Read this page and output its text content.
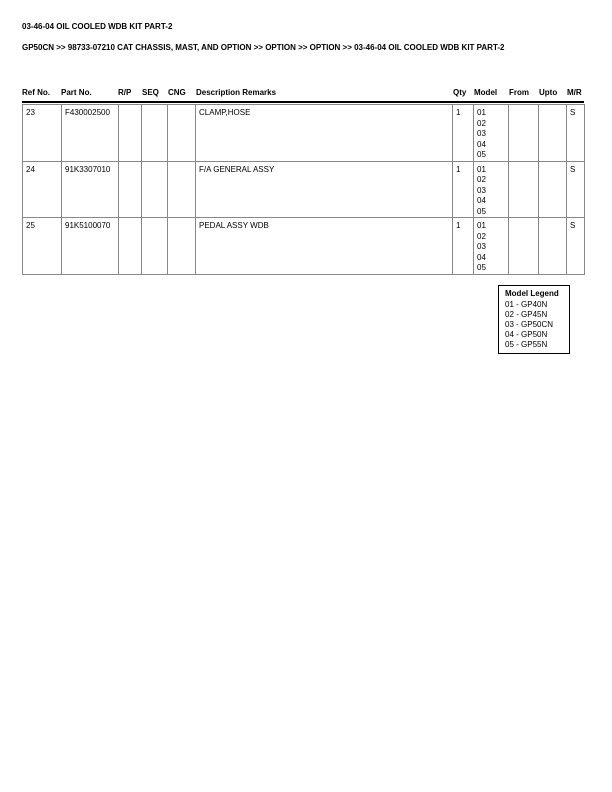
03-46-04 OIL COOLED WDB KIT PART-2
GP50CN >> 98733-07210 CAT CHASSIS, MAST, AND OPTION >> OPTION >> OPTION >> 03-46-04 OIL COOLED WDB KIT PART-2
Ref No. Part No.	R/P SEQ CNG Description Remarks	Qty Model From Upto M/R
23	F430002500				CLAMP,HOSE	1	01
02
03
04
05			S
24	91K3307010				F/A GENERAL ASSY	1	01
02
03
04
05			S
25	91K5100070				PEDAL ASSY WDB	1	01
02
03
04
05			S
Model Legend
01 - GP40N
02 - GP45N
03 - GP50CN
04 - GP50N
05 - GP55N
